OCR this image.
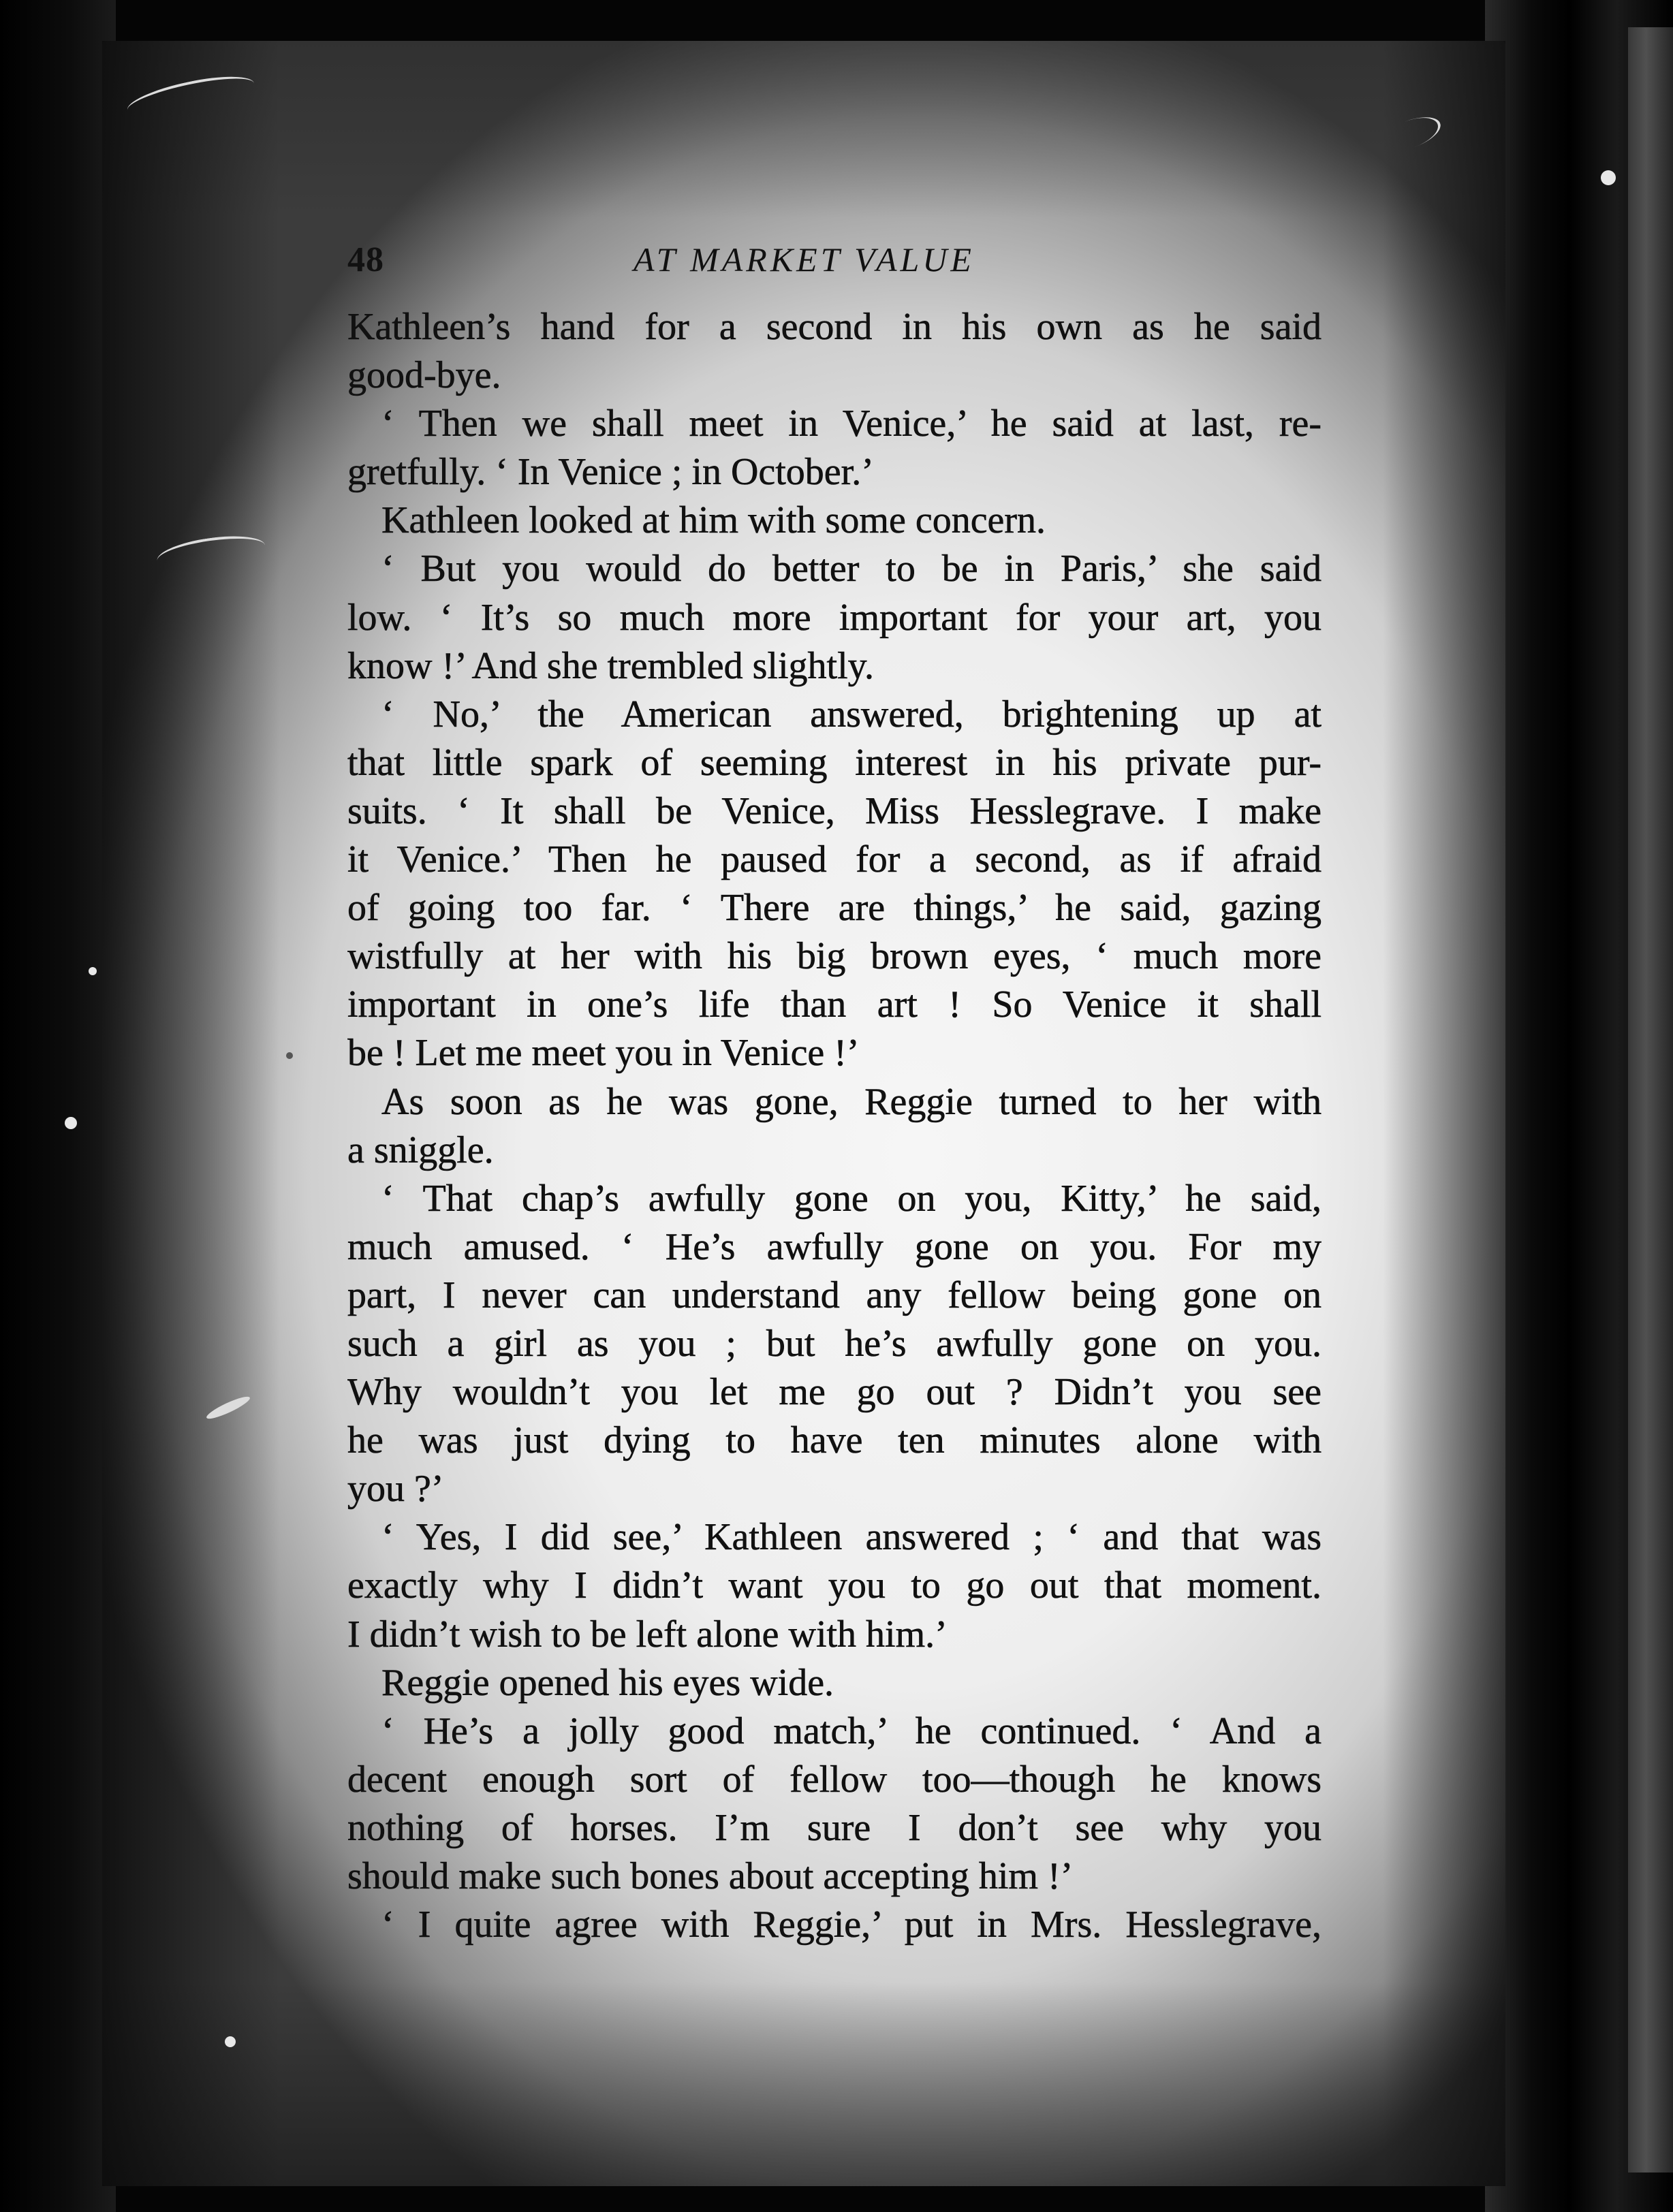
48	AT MARKET VALUE
Kathleen’s hand for a second in his own as he said
good-bye.
‘ Then we shall meet in Venice,’ he said at last, re-
gretfully. ‘ In Venice ; in October.’
Kathleen looked at him with some concern.
‘ But you would do better to be in Paris,’ she said
low. ‘ It’s so much more important for your art, you
know !’ And she trembled slightly.
‘ No,’ the American answered, brightening up at
that little spark of seeming interest in his private pur-
suits. ‘ It shall be Venice, Miss Hesslegrave. I make
it Venice.’ Then he paused for a second, as if afraid
of going too far. ‘ There are things,’ he said, gazing
wistfully at her with his big brown eyes, ‘ much more
important in one’s life than art ! So Venice it shall
be ! Let me meet you in Venice !’
As soon as he was gone, Reggie turned to her with
a sniggle.
‘ That chap’s awfully gone on you, Kitty,’ he said,
much amused. ‘ He’s awfully gone on you. For my
part, I never can understand any fellow being gone on
such a girl as you ; but he’s awfully gone on you.
Why wouldn’t you let me go out ? Didn’t you see
he was just dying to have ten minutes alone with
you ?’
‘ Yes, I did see,’ Kathleen answered ; ‘ and that was
exactly why I didn’t want you to go out that moment.
I didn’t wish to be left alone with him.’
Reggie opened his eyes wide.
‘ He’s a jolly good match,’ he continued. ‘ And a
decent enough sort of fellow too—though he knows
nothing of horses. I’m sure I don’t see why you
should make such bones about accepting him !’
‘ I quite agree with Reggie,’ put in Mrs. Hesslegrave,
